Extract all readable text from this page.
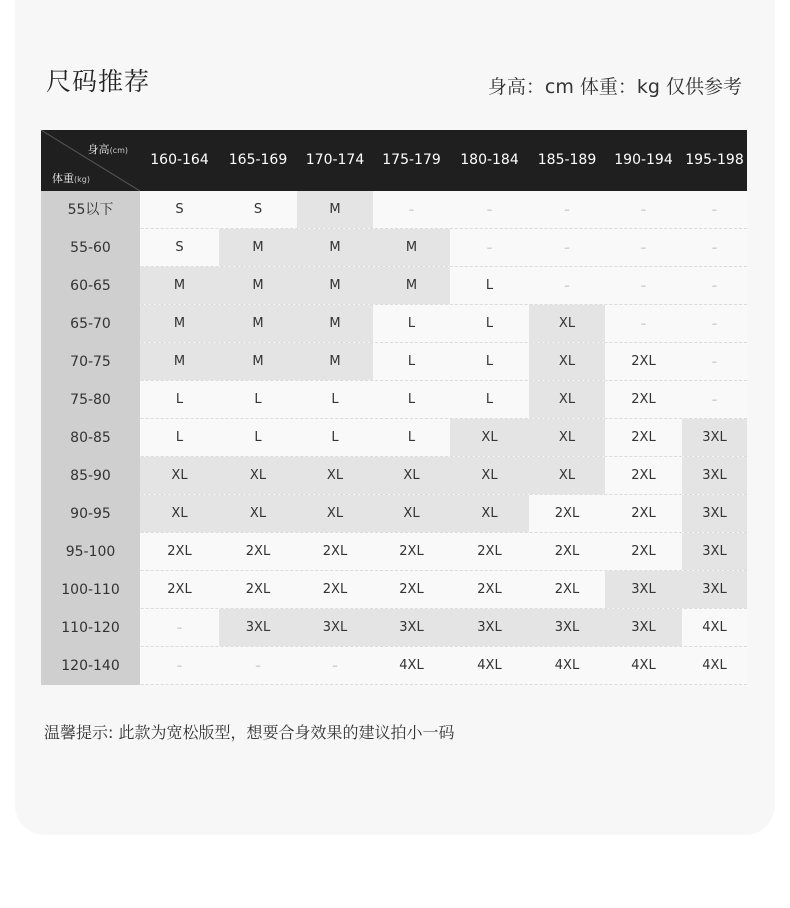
尺码推荐	身高：cm 体重：kg 仅供参考
身高(cm)
体重(kg)
160-164	165-169	170-174	175-179	180-184	185-189	190-194 195-198
55以下	S	S	M	–	–	–	–	–
55-60	S	M	M	M	–	–	–	–
60-65	M	M	M	M	L	–	–	–
65-70	M	M	M	L	L	XL	–	–
70-75	M	M	M	L	L	XL	2XL	–
75-80	L	L	L	L	L	XL	2XL	–
80-85	L	L	L	L	XL	XL	2XL	3XL
85-90	XL	XL	XL	XL	XL	XL	2XL	3XL
90-95	XL	XL	XL	XL	XL	2XL	2XL	3XL
95-100	2XL	2XL	2XL	2XL	2XL	2XL	2XL	3XL
100-110	2XL	2XL	2XL	2XL	2XL	2XL	3XL	3XL
110-120	–	3XL	3XL	3XL	3XL	3XL	3XL	4XL
120-140	–	–	–	4XL	4XL	4XL	4XL	4XL
温馨提示: 此款为宽松版型，想要合身效果的建议拍小一码
